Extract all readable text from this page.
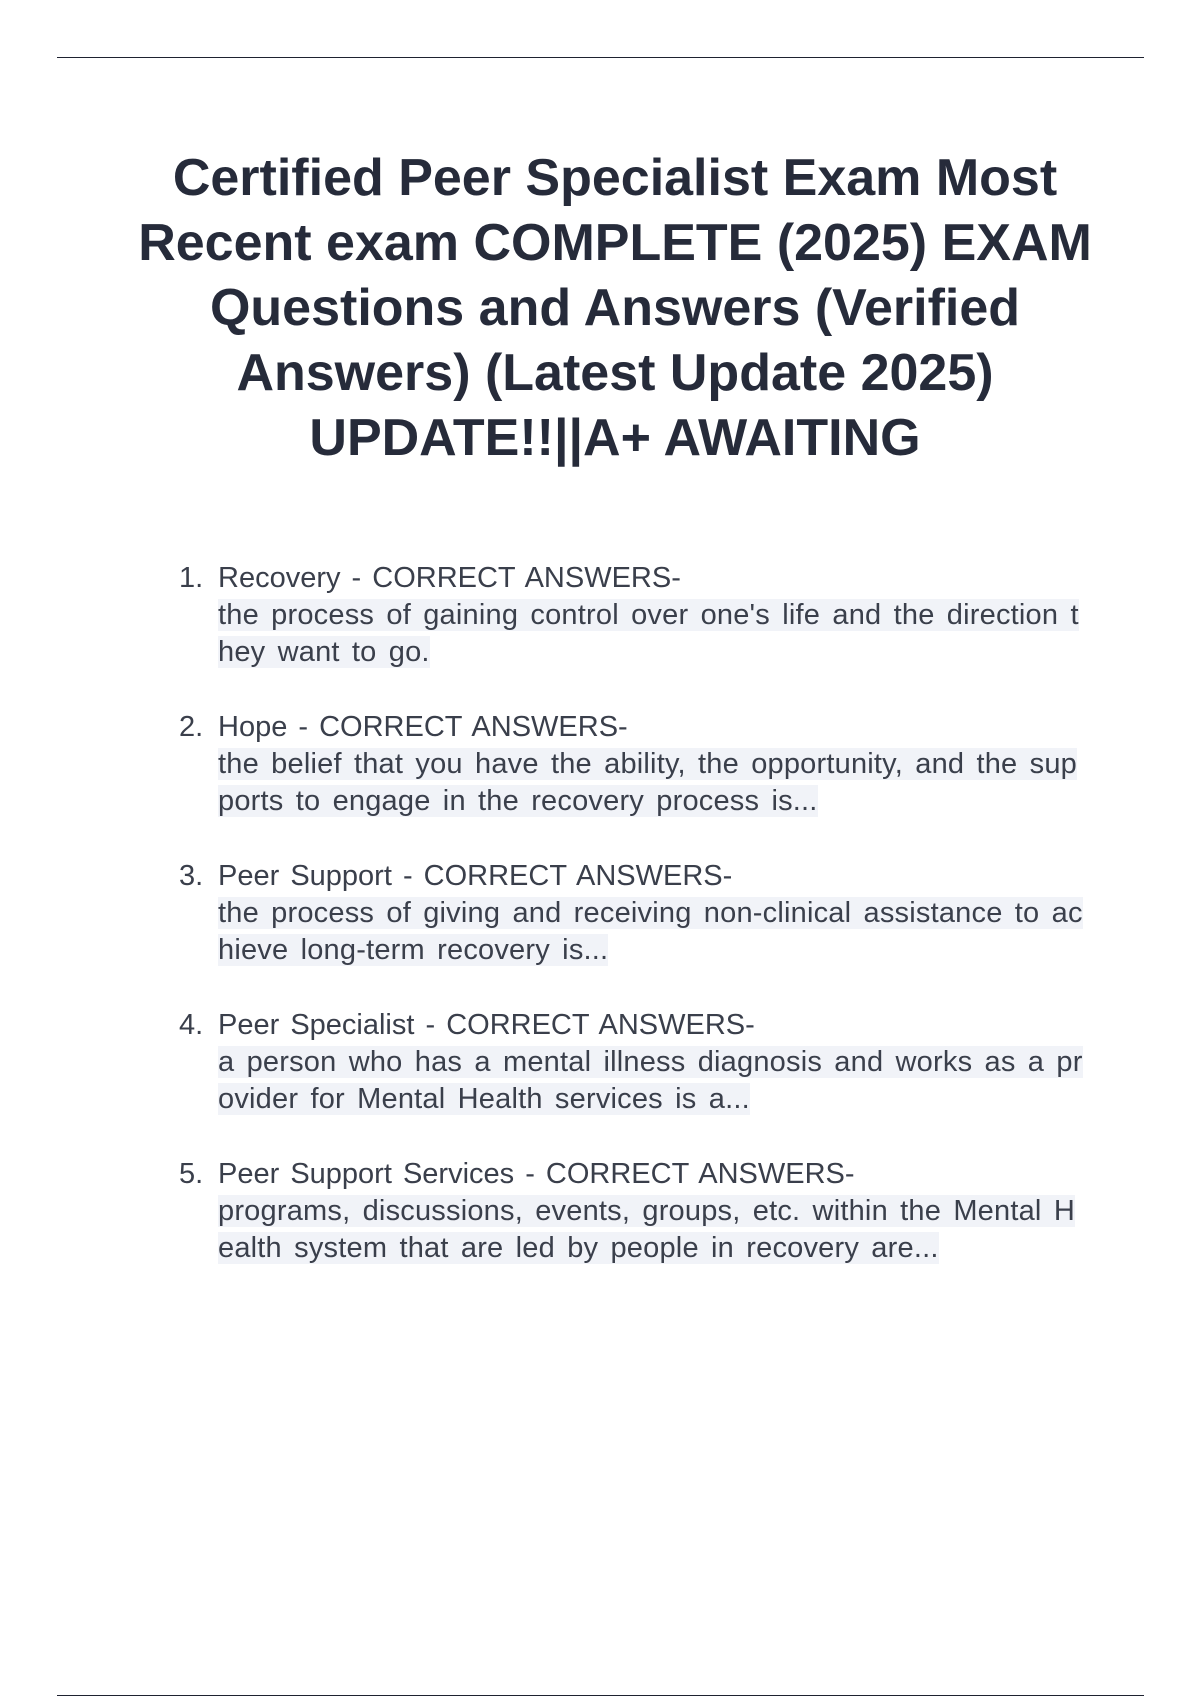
Certified Peer Specialist Exam Most Recent exam COMPLETE (2025) EXAM Questions and Answers (Verified Answers) (Latest Update 2025) UPDATE!!||A+ AWAITING
1. Recovery - CORRECT ANSWERS-
the process of gaining control over one's life and the direction they want to go.
2. Hope - CORRECT ANSWERS-
the belief that you have the ability, the opportunity, and the supports to engage in the recovery process is...
3. Peer Support - CORRECT ANSWERS-
the process of giving and receiving non-clinical assistance to achieve long-term recovery is...
4. Peer Specialist - CORRECT ANSWERS-
a person who has a mental illness diagnosis and works as a provider for Mental Health services is a...
5. Peer Support Services - CORRECT ANSWERS-
programs, discussions, events, groups, etc. within the Mental Health system that are led by people in recovery are...
